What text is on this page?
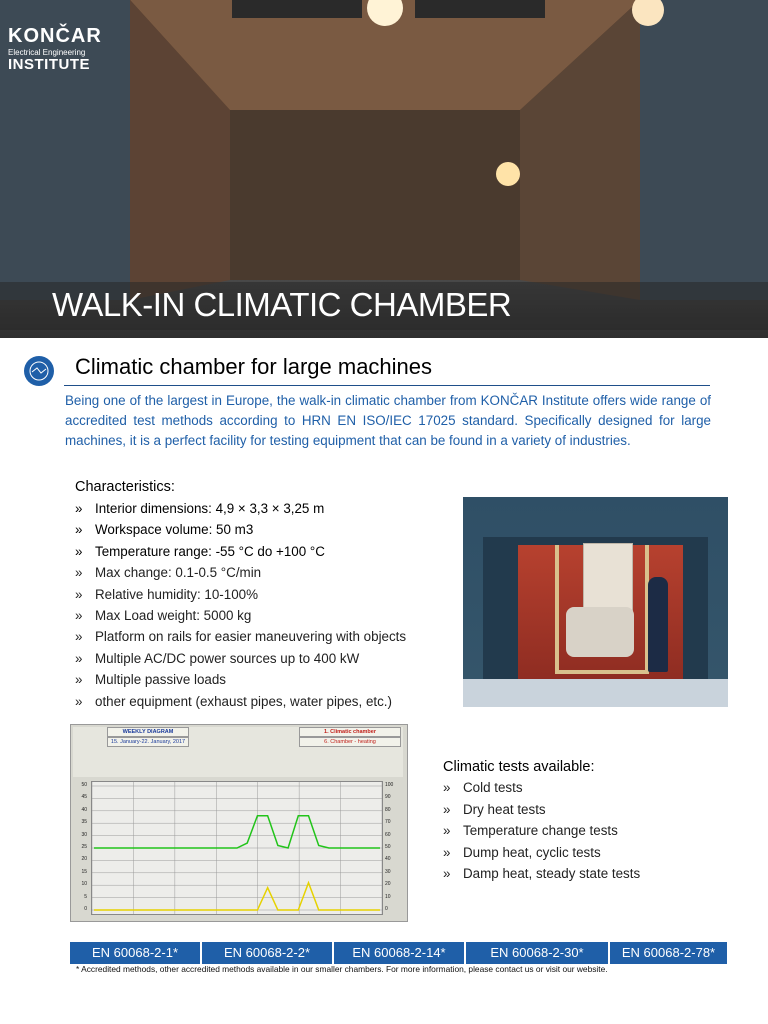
KONČAR
Electrical Engineering
INSTITUTE
WALK-IN CLIMATIC CHAMBER
Climatic chamber for large machines
Being one of the largest in Europe, the walk-in climatic chamber from KONČAR Institute offers wide range of accredited test methods according to HRN EN ISO/IEC 17025 standard. Specifically designed for large machines, it is a perfect facility for testing equipment that can be found in a variety of industries.
Characteristics:
» Interior dimensions: 4,9 × 3,3 × 3,25 m
» Workspace volume: 50 m3
» Temperature range: -55 °C do +100 °C
» Max change: 0.1-0.5 °C/min
» Relative humidity: 10-100%
» Max Load weight: 5000 kg
» Platform on rails for easier maneuvering with objects
» Multiple AC/DC power sources up to 400 kW
» Multiple passive loads
» other equipment (exhaust pipes, water pipes, etc.)
WEEKLY DIAGRAM
15. January-22. January, 2017
1. Climatic chamber
6. Chamber - heating
50
45
40
35
30
25
20
15
10
5
0
100
90
80
70
60
50
40
30
20
10
0
Climatic tests available:
» Cold tests
» Dry heat tests
» Temperature change tests
» Dump heat, cyclic tests
» Damp heat, steady state tests
EN 60068-2-1*	EN 60068-2-2*	EN 60068-2-14*	EN 60068-2-30*	EN 60068-2-78*
* Accredited methods, other accredited methods available in our smaller chambers. For more information, please contact us or visit our website.
